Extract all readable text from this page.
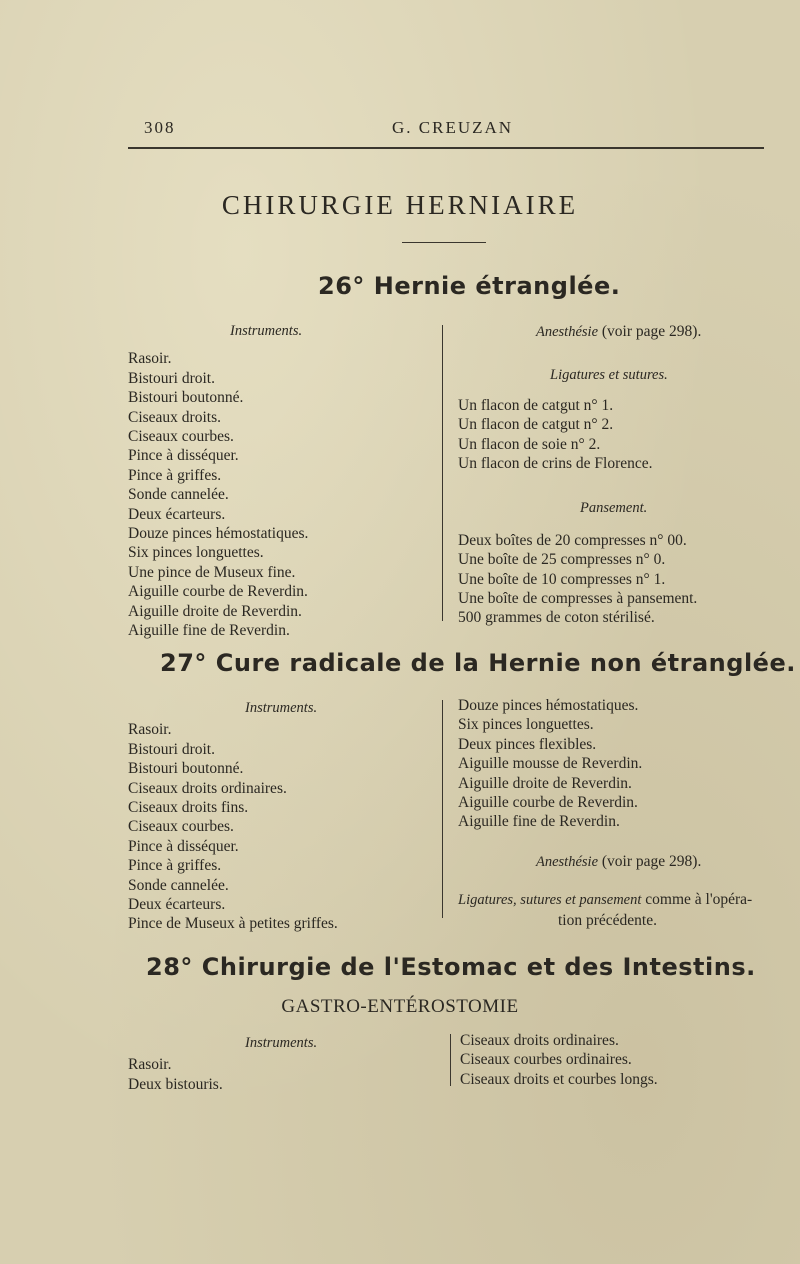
308	G. CREUZAN
CHIRURGIE HERNIAIRE
26° Hernie étranglée.
Instruments.
Rasoir.
Bistouri droit.
Bistouri boutonné.
Ciseaux droits.
Ciseaux courbes.
Pince à disséquer.
Pince à griffes.
Sonde cannelée.
Deux écarteurs.
Douze pinces hémostatiques.
Six pinces longuettes.
Une pince de Museux fine.
Aiguille courbe de Reverdin.
Aiguille droite de Reverdin.
Aiguille fine de Reverdin.
Anesthésie (voir page 298).
Ligatures et sutures.
Un flacon de catgut n° 1.
Un flacon de catgut n° 2.
Un flacon de soie n° 2.
Un flacon de crins de Florence.
Pansement.
Deux boîtes de 20 compresses n° 00.
Une boîte de 25 compresses n° 0.
Une boîte de 10 compresses n° 1.
Une boîte de compresses à pansement.
500 grammes de coton stérilisé.
27° Cure radicale de la Hernie non étranglée.
Instruments.
Rasoir.
Bistouri droit.
Bistouri boutonné.
Ciseaux droits ordinaires.
Ciseaux droits fins.
Ciseaux courbes.
Pince à disséquer.
Pince à griffes.
Sonde cannelée.
Deux écarteurs.
Pince de Museux à petites griffes.
Douze pinces hémostatiques.
Six pinces longuettes.
Deux pinces flexibles.
Aiguille mousse de Reverdin.
Aiguille droite de Reverdin.
Aiguille courbe de Reverdin.
Aiguille fine de Reverdin.
Anesthésie (voir page 298).
Ligatures, sutures et pansement comme à l'opéra-
tion précédente.
28° Chirurgie de l'Estomac et des Intestins.
GASTRO-ENTÉROSTOMIE
Instruments.
Rasoir.
Deux bistouris.
Ciseaux droits ordinaires.
Ciseaux courbes ordinaires.
Ciseaux droits et courbes longs.
